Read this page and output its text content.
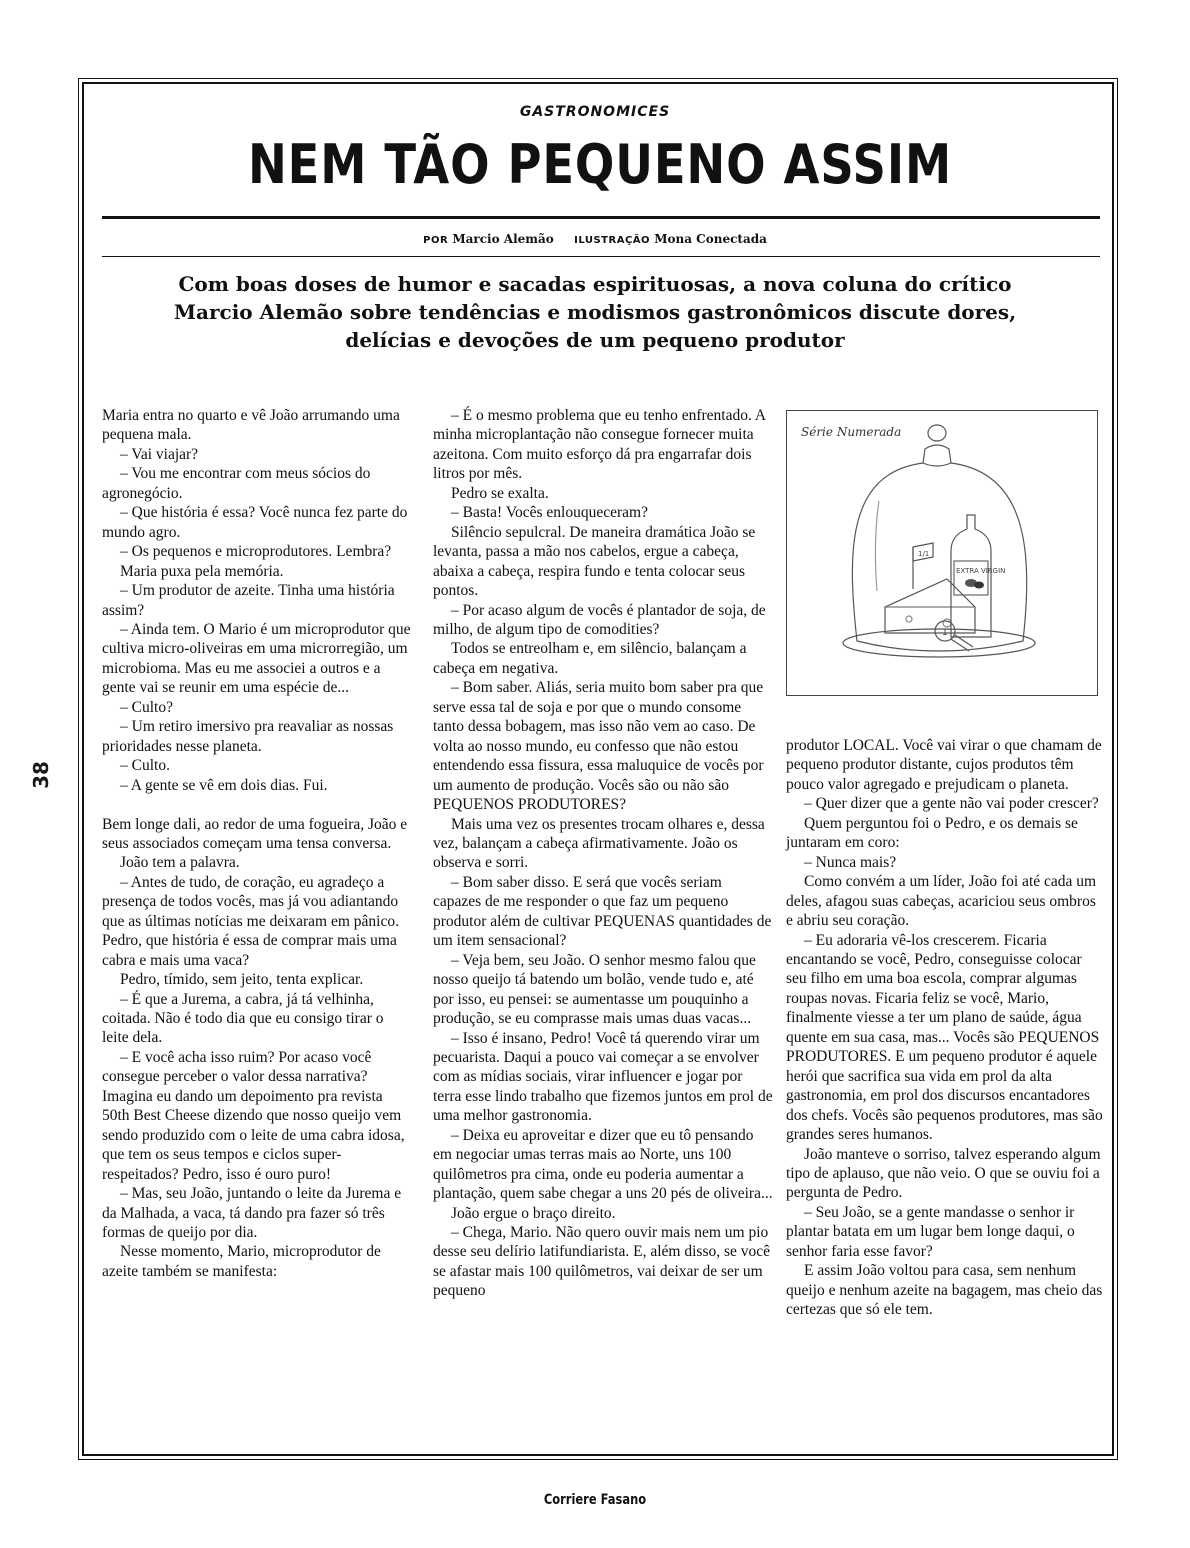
GASTRONOMICES
NEM TÃO PEQUENO ASSIM
POR Marcio Alemão ILUSTRAÇÃO Mona Conectada
Com boas doses de humor e sacadas espirituosas, a nova coluna do crítico Marcio Alemão sobre tendências e modismos gastronômicos discute dores, delícias e devoções de um pequeno produtor

Maria entra no quarto e vê João arrumando uma pequena mala.

– Vai viajar?

– Vou me encontrar com meus sócios do agronegócio.

– Que história é essa? Você nunca fez parte do mundo agro.

– Os pequenos e microprodutores. Lembra?

Maria puxa pela memória.

– Um produtor de azeite. Tinha uma história assim?

– Ainda tem. O Mario é um microprodutor que cultiva micro-oliveiras em uma microrregião, um microbioma. Mas eu me associei a outros e a gente vai se reunir em uma espécie de...

– Culto?

– Um retiro imersivo pra reavaliar as nossas prioridades nesse planeta.

– Culto.

– A gente se vê em dois dias. Fui.

Bem longe dali, ao redor de uma fogueira, João e seus associados começam uma tensa conversa.

João tem a palavra.

– Antes de tudo, de coração, eu agradeço a presença de todos vocês, mas já vou adiantando que as últimas notícias me deixaram em pânico. Pedro, que história é essa de comprar mais uma cabra e mais uma vaca?

Pedro, tímido, sem jeito, tenta explicar.

– É que a Jurema, a cabra, já tá velhinha, coitada. Não é todo dia que eu consigo tirar o leite dela.

– E você acha isso ruim? Por acaso você consegue perceber o valor dessa narrativa? Imagina eu dando um depoimento pra revista 50th Best Cheese dizendo que nosso queijo vem sendo produzido com o leite de uma cabra idosa, que tem os seus tempos e ciclos super-respeitados? Pedro, isso é ouro puro!

– Mas, seu João, juntando o leite da Jurema e da Malhada, a vaca, tá dando pra fazer só três formas de queijo por dia.

Nesse momento, Mario, microprodutor de azeite também se manifesta:

– É o mesmo problema que eu tenho enfrentado. A minha microplantação não consegue fornecer muita azeitona. Com muito esforço dá pra engarrafar dois litros por mês.

Pedro se exalta.

– Basta! Vocês enlouqueceram?

Silêncio sepulcral. De maneira dramática João se levanta, passa a mão nos cabelos, ergue a cabeça, abaixa a cabeça, respira fundo e tenta colocar seus pontos.

– Por acaso algum de vocês é plantador de soja, de milho, de algum tipo de comodities?

Todos se entreolham e, em silêncio, balançam a cabeça em negativa.

– Bom saber. Aliás, seria muito bom saber pra que serve essa tal de soja e por que o mundo consome tanto dessa bobagem, mas isso não vem ao caso. De volta ao nosso mundo, eu confesso que não estou entendendo essa fissura, essa maluquice de vocês por um aumento de produção. Vocês são ou não são PEQUENOS PRODUTORES?

Mais uma vez os presentes trocam olhares e, dessa vez, balançam a cabeça afirmativamente. João os observa e sorri.

– Bom saber disso. E será que vocês seriam capazes de me responder o que faz um pequeno produtor além de cultivar PEQUENAS quantidades de um item sensacional?

– Veja bem, seu João. O senhor mesmo falou que nosso queijo tá batendo um bolão, vende tudo e, até por isso, eu pensei: se aumentasse um pouquinho a produção, se eu comprasse mais umas duas vacas...

– Isso é insano, Pedro! Você tá querendo virar um pecuarista. Daqui a pouco vai começar a se envolver com as mídias sociais, virar influencer e jogar por terra esse lindo trabalho que fizemos juntos em prol de uma melhor gastronomia.

– Deixa eu aproveitar e dizer que eu tô pensando em negociar umas terras mais ao Norte, uns 100 quilômetros pra cima, onde eu poderia aumentar a plantação, quem sabe chegar a uns 20 pés de oliveira...

João ergue o braço direito.

– Chega, Mario. Não quero ouvir mais nem um pio desse seu delírio latifundiarista. E, além disso, se você se afastar mais 100 quilômetros, vai deixar de ser um pequeno

produtor LOCAL. Você vai virar o que chamam de pequeno produtor distante, cujos produtos têm pouco valor agregado e prejudicam o planeta.

– Quer dizer que a gente não vai poder crescer?

Quem perguntou foi o Pedro, e os demais se juntaram em coro:

– Nunca mais?

Como convém a um líder, João foi até cada um deles, afagou suas cabeças, acariciou seus ombros e abriu seu coração.

– Eu adoraria vê-los crescerem. Ficaria encantando se você, Pedro, conseguisse colocar seu filho em uma boa escola, comprar algumas roupas novas. Ficaria feliz se você, Mario, finalmente viesse a ter um plano de saúde, água quente em sua casa, mas... Vocês são PEQUENOS PRODUTORES. E um pequeno produtor é aquele herói que sacrifica sua vida em prol da alta gastronomia, em prol dos discursos encantadores dos chefs. Vocês são pequenos produtores, mas são grandes seres humanos.

João manteve o sorriso, talvez esperando algum tipo de aplauso, que não veio. O que se ouviu foi a pergunta de Pedro.

– Seu João, se a gente mandasse o senhor ir plantar batata em um lugar bem longe daqui, o senhor faria esse favor?

E assim João voltou para casa, sem nenhum queijo e nenhum azeite na bagagem, mas cheio das certezas que só ele tem.

Série Numerada
EXTRA VIRGIN
1/1
1
38
Corriere Fasano
